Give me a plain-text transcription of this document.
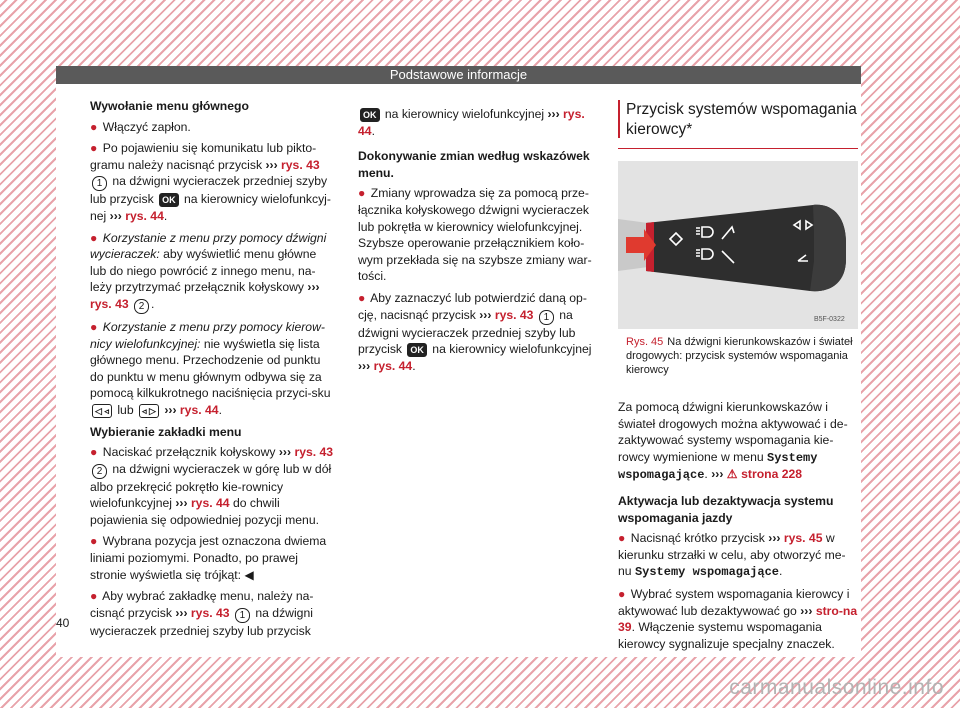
Podstawowe informacje

Wywołanie menu głównego

● Włączyć zapłon.

● Po pojawieniu się komunikatu lub pikto-gramu należy nacisnąć przycisk ››› rys. 43 1 na dźwigni wycieraczek przedniej szyby lub przycisk OK na kierownicy wielofunkcyj-nej ››› rys. 44.

● Korzystanie z menu przy pomocy dźwigni wycieraczek: aby wyświetlić menu główne lub do niego powrócić z innego menu, na-leży przytrzymać przełącznik kołyskowy ››› rys. 43 2 .

● Korzystanie z menu przy pomocy kierow-nicy wielofunkcyjnej: nie wyświetla się lista głównego menu. Przechodzenie od punktu do punktu w menu głównym odbywa się za pomocą kilkukrotnego naciśnięcia przyci-sku ◁ ◃ lub ◃ ▷ ››› rys. 44.

Wybieranie zakładki menu

● Naciskać przełącznik kołyskowy ››› rys. 43 2 na dźwigni wycieraczek w górę lub w dół albo przekręcić pokrętło kie-rownicy wielofunkcyjnej ››› rys. 44 do chwili pojawienia się odpowiedniej pozycji menu.

● Wybrana pozycja jest oznaczona dwiema liniami poziomymi. Ponadto, po prawej stronie wyświetla się trójkąt: ◀

● Aby wybrać zakładkę menu, należy na-cisnąć przycisk ››› rys. 43 1 na dźwigni wycieraczek przedniej szyby lub przycisk

OK na kierownicy wielofunkcyjnej ››› rys. 44.

Dokonywanie zmian według wskazówek menu.

● Zmiany wprowadza się za pomocą prze-łącznika kołyskowego dźwigni wycieraczek lub pokrętła w kierownicy wielofunkcyjnej. Szybsze operowanie przełącznikiem koło-wym przekłada się na szybsze zmiany war-tości.

● Aby zaznaczyć lub potwierdzić daną op-cję, nacisnąć przycisk ››› rys. 43 1 na dźwigni wycieraczek przedniej szyby lub przycisk OK na kierownicy wielofunkcyjnej ››› rys. 44.

Przycisk systemów wspomagania kierowcy*
B5F-0322

Rys. 45 Na dźwigni kierunkowskazów i świateł drogowych: przycisk systemów wspomagania kierowcy

Za pomocą dźwigni kierunkowskazów i świateł drogowych można aktywować i de-zaktywować systemy wspomagania kie-rowcy wymienione w menu Systemy wspomagające. ››› ⚠ strona 228

Aktywacja lub dezaktywacja systemu wspomagania jazdy

● Nacisnąć krótko przycisk ››› rys. 45 w kierunku strzałki w celu, aby otworzyć me-nu Systemy wspomagające.

● Wybrać system wspomagania kierowcy i aktywować lub dezaktywować go ››› stro-na 39. Włączenie systemu wspomagania kierowcy sygnalizuje specjalny znaczek.

40
carmanualsonline.info
